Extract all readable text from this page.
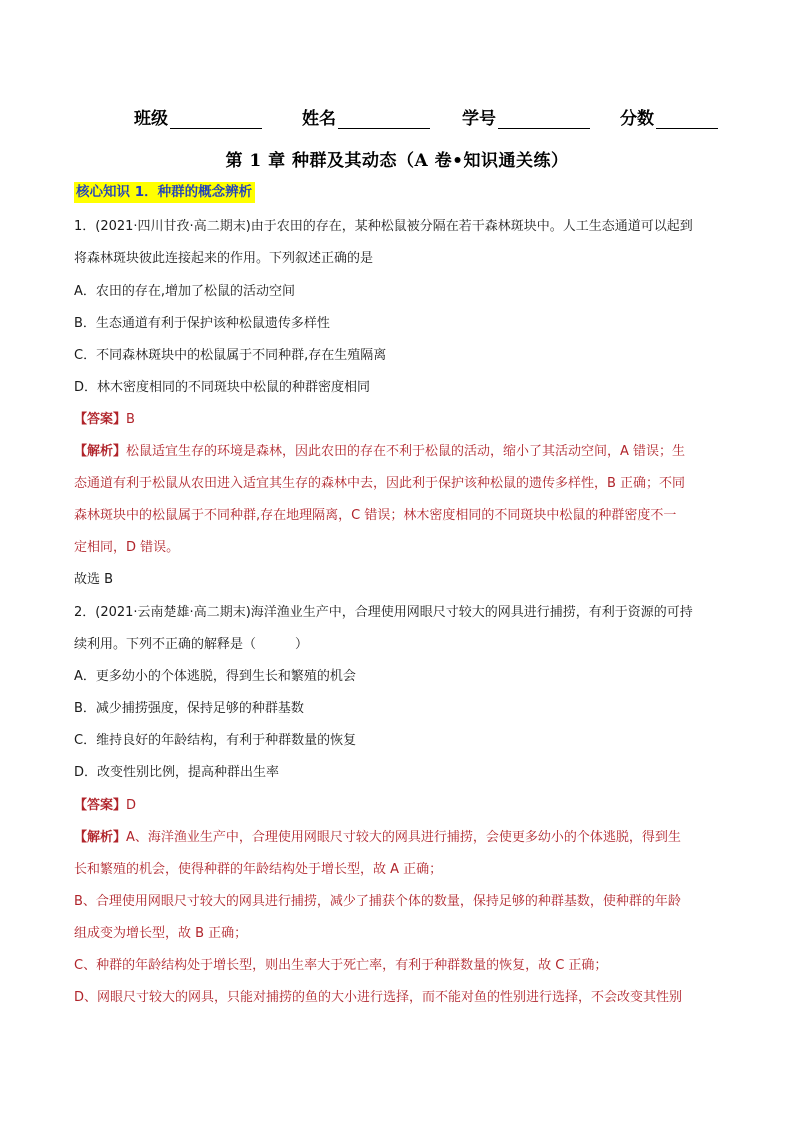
班级	姓名	学号	分数
第 1 章 种群及其动态（A 卷•知识通关练）
核心知识 1．种群的概念辨析
1．(2021·四川甘孜·高二期末)由于农田的存在，某种松鼠被分隔在若干森林斑块中。人工生态通道可以起到
将森林斑块彼此连接起来的作用。下列叙述正确的是
A．农田的存在,增加了松鼠的活动空间
B．生态通道有利于保护该种松鼠遗传多样性
C．不同森林斑块中的松鼠属于不同种群,存在生殖隔离
D．林木密度相同的不同斑块中松鼠的种群密度相同
【答案】B
【解析】松鼠适宜生存的环境是森林，因此农田的存在不利于松鼠的活动，缩小了其活动空间，A 错误；生
态通道有利于松鼠从农田进入适宜其生存的森林中去，因此利于保护该种松鼠的遗传多样性，B 正确；不同
森林斑块中的松鼠属于不同种群,存在地理隔离，C 错误；林木密度相同的不同斑块中松鼠的种群密度不一
定相同，D 错误。
故选 B
2．(2021·云南楚雄·高二期末)海洋渔业生产中，合理使用网眼尺寸较大的网具进行捕捞，有利于资源的可持
续利用。下列不正确的解释是（　　　）
A．更多幼小的个体逃脱，得到生长和繁殖的机会
B．减少捕捞强度，保持足够的种群基数
C．维持良好的年龄结构，有利于种群数量的恢复
D．改变性别比例，提高种群出生率
【答案】D
【解析】A、海洋渔业生产中，合理使用网眼尺寸较大的网具进行捕捞，会使更多幼小的个体逃脱，得到生
长和繁殖的机会，使得种群的年龄结构处于增长型，故 A 正确；
B、合理使用网眼尺寸较大的网具进行捕捞，减少了捕获个体的数量，保持足够的种群基数，使种群的年龄
组成变为增长型，故 B 正确；
C、种群的年龄结构处于增长型，则出生率大于死亡率，有利于种群数量的恢复，故 C 正确；
D、网眼尺寸较大的网具，只能对捕捞的鱼的大小进行选择，而不能对鱼的性别进行选择，不会改变其性别
